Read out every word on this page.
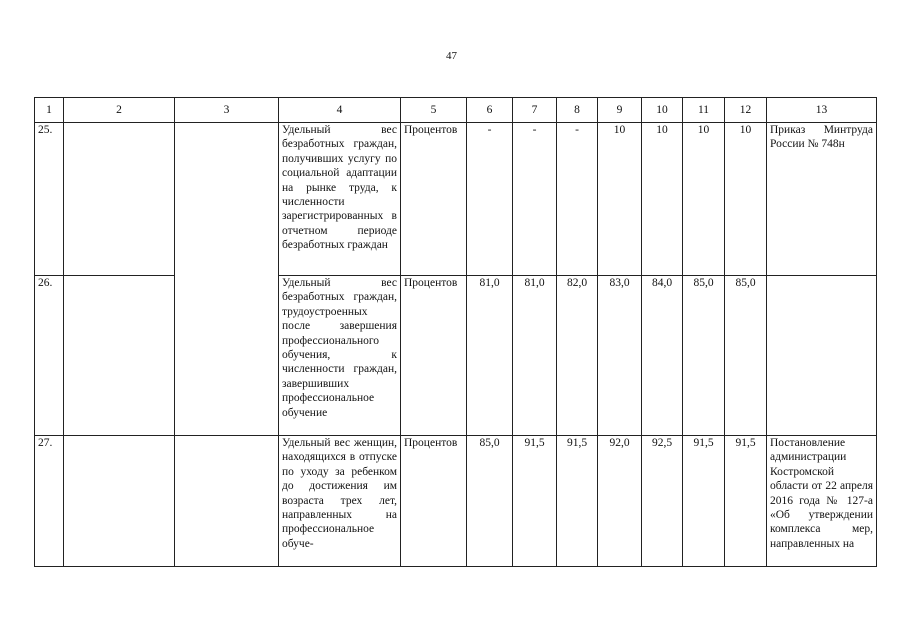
47
1	2	3	4	5	6	7	8	9	10	11	12	13
25.			Удельный вес безработных граждан, получивших услугу по социальной адаптации на рынке труда, к численности зарегистрированных в отчетном периоде безработных граждан	Процентов	-	-	-	10	10	10	10	Приказ Минтруда России № 748н
26.			Удельный вес безработных граждан, трудоустроенных после завершения профессионального обучения, к численности граждан, завершивших профессиональное обучение	Процентов	81,0	81,0	82,0	83,0	84,0	85,0	85,0	
27.			Удельный вес женщин, находящихся в отпуске по уходу за ребенком до достижения им возраста трех лет, направленных на профессиональное обуче-	Процентов	85,0	91,5	91,5	92,0	92,5	91,5	91,5	Постановление администрации Костромской области от 22 апреля 2016 года № 127-а «Об утверждении комплекса мер, направленных на
